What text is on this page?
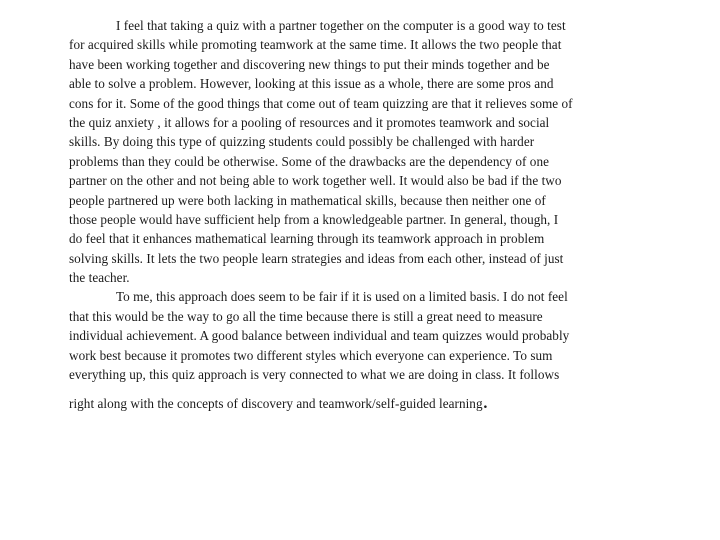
I feel that taking a quiz with a partner together on the computer is a good way to test
for acquired skills while promoting teamwork at the same time. It allows the two people that
have been working together and discovering new things to put their minds together and be
able to solve a problem. However, looking at this issue as a whole, there are some pros and
cons for it. Some of the good things that come out of team quizzing are that it relieves some of
the quiz anxiety , it allows for a pooling of resources and it promotes teamwork and social
skills. By doing this type of quizzing students could possibly be challenged with harder
problems than they could be otherwise. Some of the drawbacks are the dependency of one
partner on the other and not being able to work together well. It would also be bad if the two
people partnered up were both lacking in mathematical skills, because then neither one of
those people would have sufficient help from a knowledgeable partner. In general, though, I
do feel that it enhances mathematical learning through its teamwork approach in problem
solving skills. It lets the two people learn strategies and ideas from each other, instead of just
the teacher.
To me, this approach does seem to be fair if it is used on a limited basis. I do not feel
that this would be the way to go all the time because there is still a great need to measure
individual achievement. A good balance between individual and team quizzes would probably
work best because it promotes two different styles which everyone can experience. To sum
everything up, this quiz approach is very connected to what we are doing in class. It follows
right along with the concepts of discovery and teamwork/self-guided learning.
